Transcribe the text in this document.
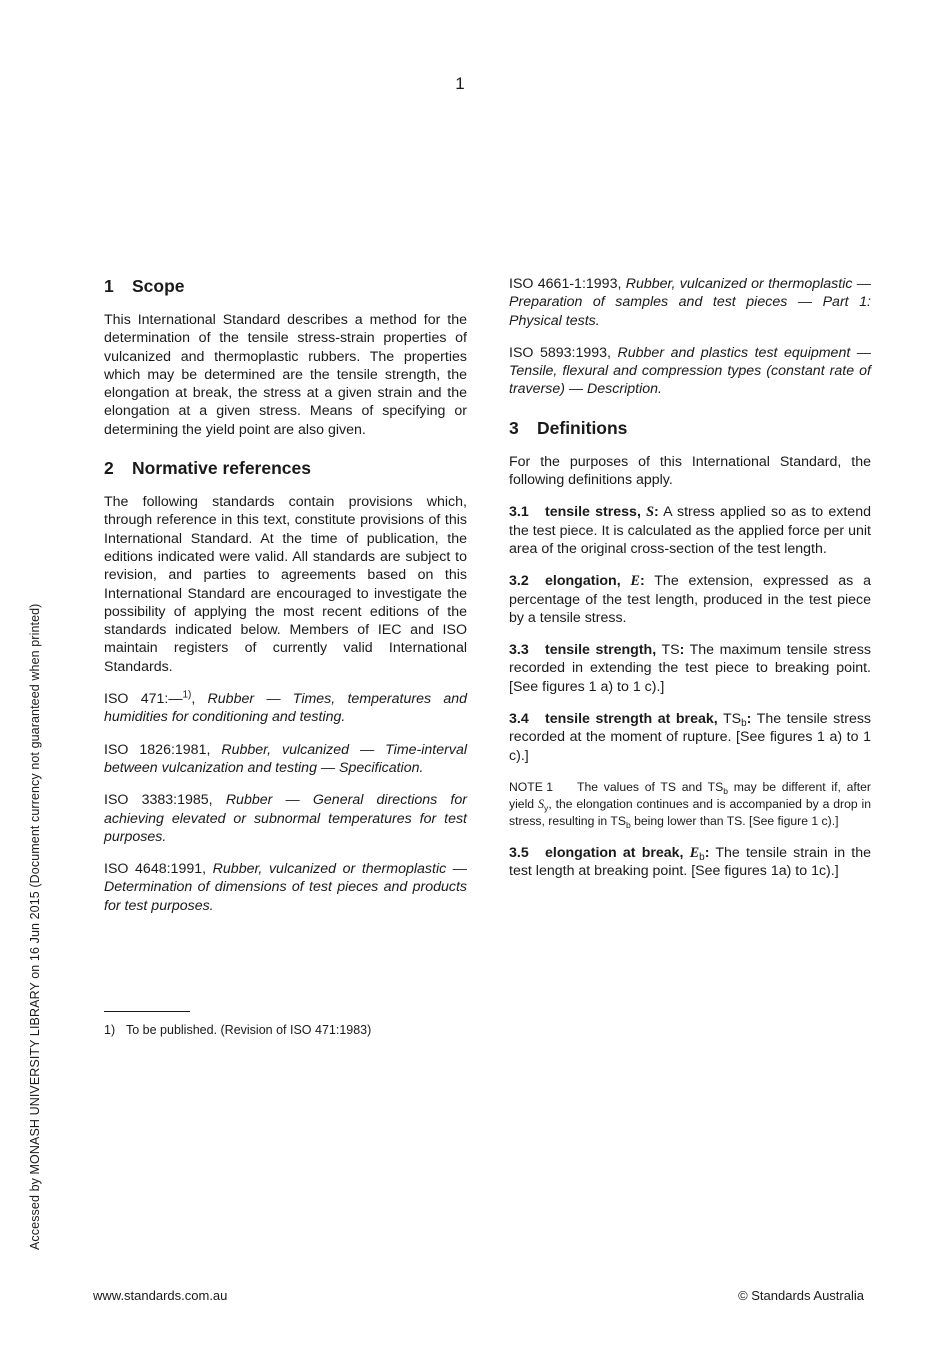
1
Accessed by MONASH UNIVERSITY LIBRARY on 16 Jun 2015 (Document currency not guaranteed when printed)
1 Scope

This International Standard describes a method for the determination of the tensile stress-strain properties of vulcanized and thermoplastic rubbers. The properties which may be determined are the tensile strength, the elongation at break, the stress at a given strain and the elongation at a given stress. Means of specifying or determining the yield point are also given.

2 Normative references

The following standards contain provisions which, through reference in this text, constitute provisions of this International Standard. At the time of publication, the editions indicated were valid. All standards are subject to revision, and parties to agreements based on this International Standard are encouraged to investigate the possibility of applying the most recent editions of the standards indicated below. Members of IEC and ISO maintain registers of currently valid International Standards.

ISO 471:—$^{1)}$, Rubber — Times, temperatures and humidities for conditioning and testing.

ISO 1826:1981, Rubber, vulcanized — Time-interval between vulcanization and testing — Specification.

ISO 3383:1985, Rubber — General directions for achieving elevated or subnormal temperatures for test purposes.

ISO 4648:1991, Rubber, vulcanized or thermoplastic — Determination of dimensions of test pieces and products for test purposes.

ISO 4661-1:1993, Rubber, vulcanized or thermoplastic — Preparation of samples and test pieces — Part 1: Physical tests.

ISO 5893:1993, Rubber and plastics test equipment — Tensile, flexural and compression types (constant rate of traverse) — Description.

3 Definitions

For the purposes of this International Standard, the following definitions apply.

3.1 tensile stress, S: A stress applied so as to extend the test piece. It is calculated as the applied force per unit area of the original cross-section of the test length.

3.2 elongation, E: The extension, expressed as a percentage of the test length, produced in the test piece by a tensile stress.

3.3 tensile strength, TS: The maximum tensile stress recorded in extending the test piece to breaking point. [See figures 1 a) to 1 c).]

3.4 tensile strength at break, $TS_b$: The tensile stress recorded at the moment of rupture. [See figures 1 a) to 1 c).]

NOTE 1 The values of TS and $TS_b$ may be different if, after yield $S_y$, the elongation continues and is accompanied by a drop in stress, resulting in $TS_b$ being lower than TS. [See figure 1 c).]

3.5 elongation at break, $E_b$: The tensile strain in the test length at breaking point. [See figures 1a) to 1c).]

1) To be published. (Revision of ISO 471:1983)
www.standards.com.au	© Standards Australia
